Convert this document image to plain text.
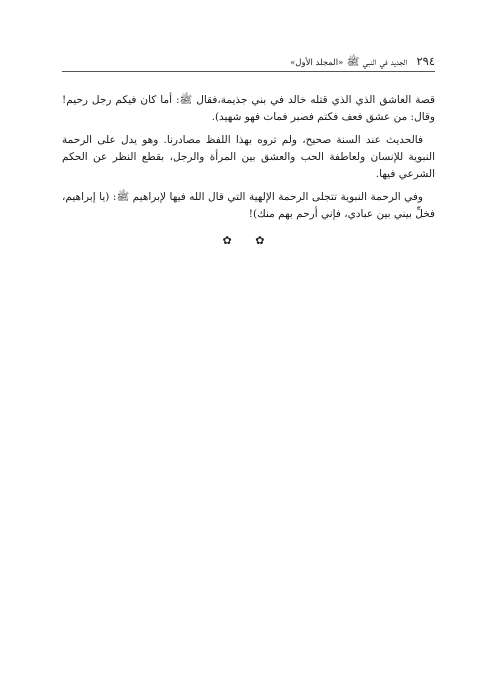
٢٩٤ الجديد في النبي ﷺ «المجلد الأول»

قصة العاشق الذي الذي قتله خالد في بني جذيمة،فقال ﷺ: أما كان فيكم رجل رحيم! وقال: من عشق فعف فكتم فصبر فمات فهو شهيد).

فالحديث عند السنة صحيح، ولم تروه بهذا اللفظ مصادرنا. وهو يدل على الرحمة النبوية للإنسان ولعاطفة الحب والعشق بين المرأة والرجل، بقطع النظر عن الحكم الشرعي فيها.

وفي الرحمة النبوية تتجلى الرحمة الإلهية التي قال الله فيها لإبراهيم ﷺ: (يا إبراهيم، فخلِّ بيني بين عبادي، فإني أرحم بهم منك)!

✿ ✿
